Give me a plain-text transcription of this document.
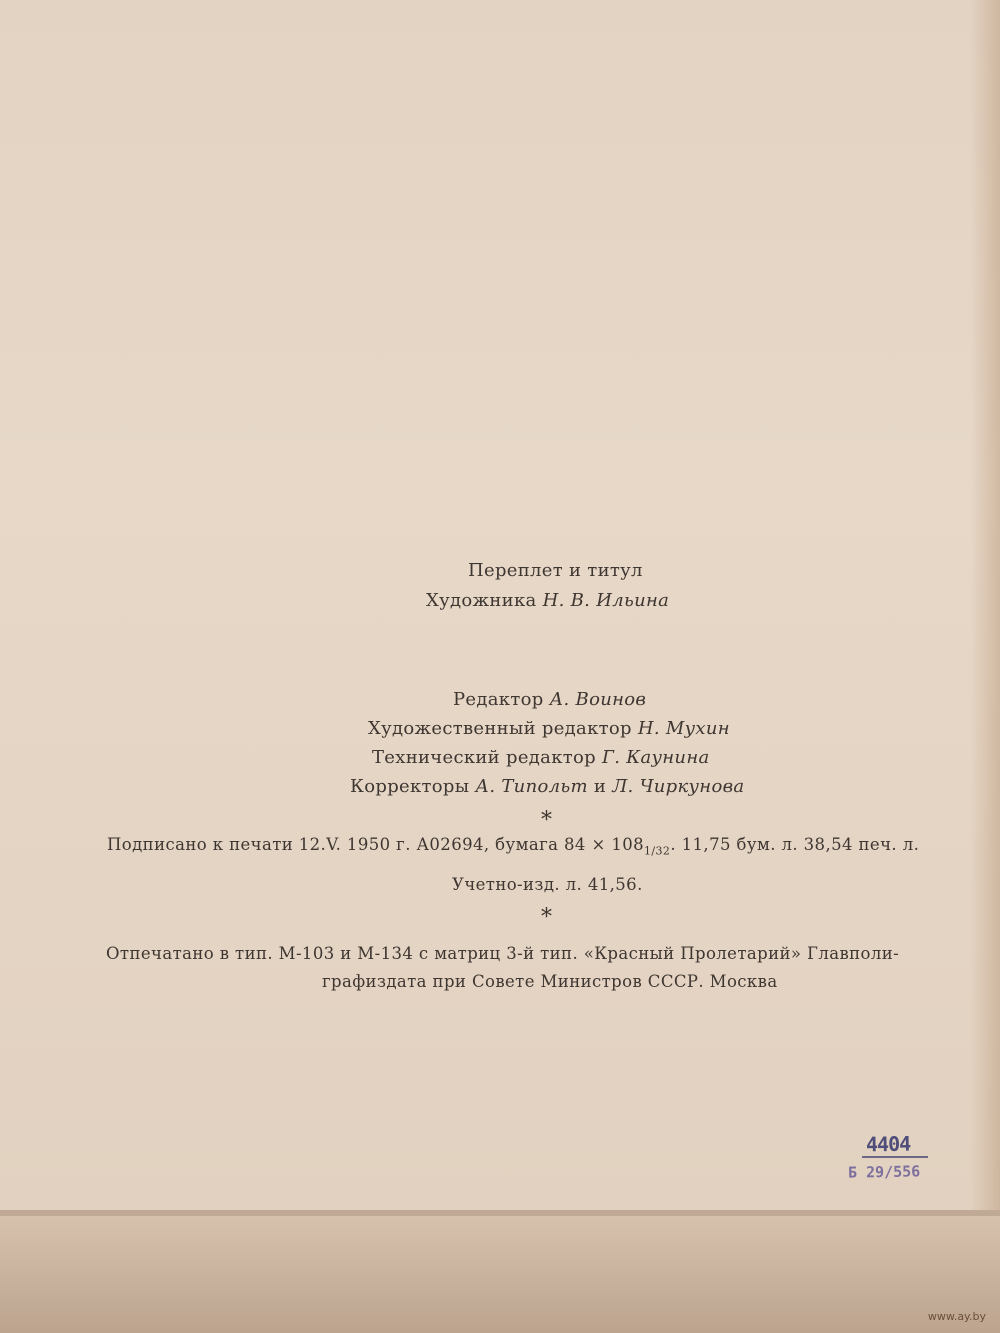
Переплет и титул
Художника Н. В. Ильина
Редактор А. Воинов
Художественный редактор Н. Мухин
Технический редактор Г. Каунина
Корректоры А. Типольт и Л. Чиркунова
*
Подписано к печати 12.V. 1950 г. А02694, бумага $84 \times 108_{1/32}$. 11,75 бум. л. 38,54 печ. л.
Учетно-изд. л. 41,56.
*
Отпечатано в тип. М-103 и М-134 с матриц 3-й тип. «Красный Пролетарий» Главполи-
графиздата при Совете Министров СССР. Москва
4404
Б 29/556
www.ay.by
